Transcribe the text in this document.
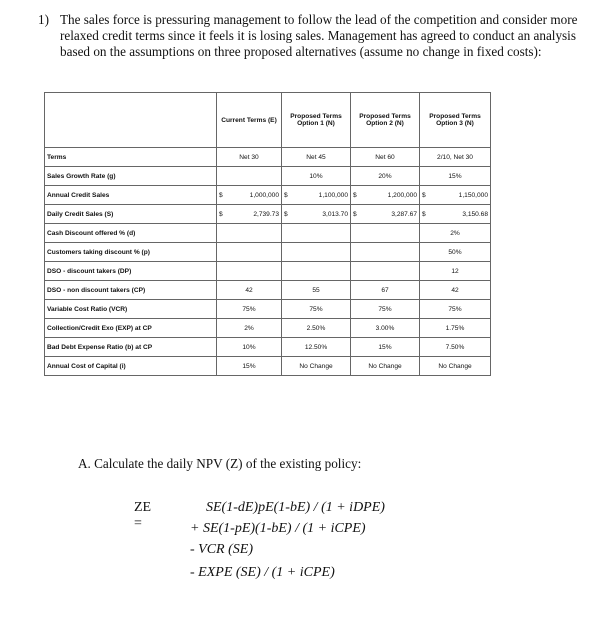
1) The sales force is pressuring management to follow the lead of the competition and consider more relaxed credit terms since it feels it is losing sales. Management has agreed to conduct an analysis based on the assumptions on three proposed alternatives (assume no change in fixed costs):
	Current Terms (E)	Proposed Terms Option 1 (N)	Proposed Terms Option 2 (N)	Proposed Terms Option 3 (N)
Terms	Net 30	Net 45	Net 60	2/10, Net 30
Sales Growth Rate (g)		10%	20%	15%
Annual Credit Sales	$ 1,000,000	$ 1,100,000	$ 1,200,000	$ 1,150,000

Daily Credit Sales (S)	$ 2,739.73	$ 3,013.70	$ 3,287.67	$ 3,150.68

Cash Discount offered % (d)				2%
Customers taking discount % (p)				50%
DSO - discount takers (DP)				12
DSO - non discount takers (CP)	42	55	67	42
Variable Cost Ratio (VCR)	75%	75%	75%	75%
Collection/Credit Exo (EXP) at CP	2%	2.50%	3.00%	1.75%
Bad Debt Expense Ratio (b) at CP	10%	12.50%	15%	7.50%
Annual Cost of Capital (i)	15%	No Change	No Change	No Change
A. Calculate the daily NPV (Z) of the existing policy:
ZE =
SE(1-dE)pE(1-bE) / (1 + iDPE)
+ SE(1-pE)(1-bE) / (1 + iCPE)
- VCR (SE)
- EXPE (SE) / (1 + iCPE)
